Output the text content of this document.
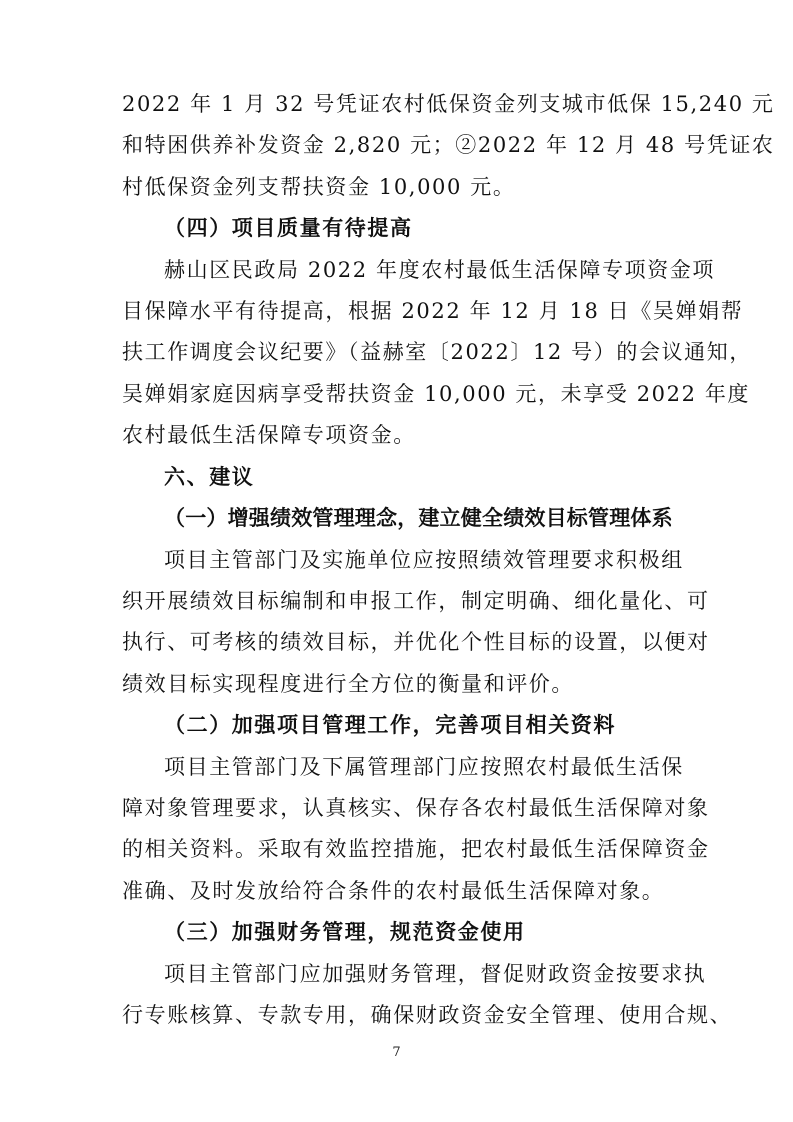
2022 年 1 月 32 号凭证农村低保资金列支城市低保 15,240 元
和特困供养补发资金 2,820 元；②2022 年 12 月 48 号凭证农
村低保资金列支帮扶资金 10,000 元。
（四）项目质量有待提高
赫山区民政局 2022 年度农村最低生活保障专项资金项
目保障水平有待提高，根据 2022 年 12 月 18 日《吴婵娟帮
扶工作调度会议纪要》（益赫室〔2022〕12 号）的会议通知，
吴婵娟家庭因病享受帮扶资金 10,000 元，未享受 2022 年度
农村最低生活保障专项资金。
六、建议
（一）增强绩效管理理念，建立健全绩效目标管理体系
项目主管部门及实施单位应按照绩效管理要求积极组
织开展绩效目标编制和申报工作，制定明确、细化量化、可
执行、可考核的绩效目标，并优化个性目标的设置，以便对
绩效目标实现程度进行全方位的衡量和评价。
（二）加强项目管理工作，完善项目相关资料
项目主管部门及下属管理部门应按照农村最低生活保
障对象管理要求，认真核实、保存各农村最低生活保障对象
的相关资料。采取有效监控措施，把农村最低生活保障资金
准确、及时发放给符合条件的农村最低生活保障对象。
（三）加强财务管理，规范资金使用
项目主管部门应加强财务管理，督促财政资金按要求执
行专账核算、专款专用，确保财政资金安全管理、使用合规、
7
